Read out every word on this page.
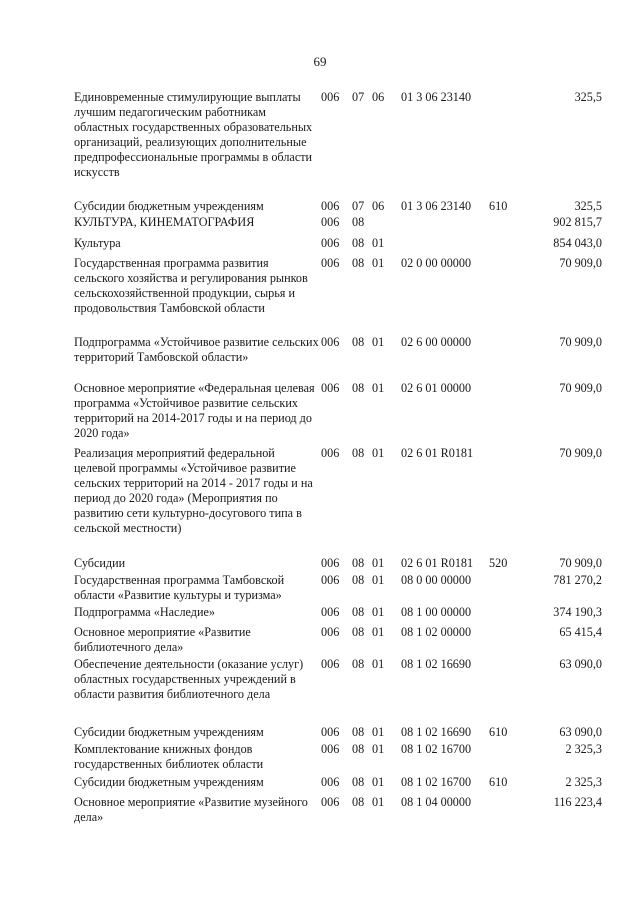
69
Единовременные стимулирующие выплаты лучшим педагогическим работникам областных государственных образовательных организаций, реализующих дополнительные предпрофессиональные программы в области искусств
006 07 06 01 3 06 23140	325,5
Субсидии бюджетным учреждениям	006 07 06 01 3 06 23140 610	325,5
КУЛЬТУРА, КИНЕМАТОГРАФИЯ	006 08	902 815,7
Культура	006 08 01	854 043,0
Государственная программа развития сельского хозяйства и регулирования рынков сельскохозяйственной продукции, сырья и продовольствия Тамбовской области
006 08 01 02 0 00 00000	70 909,0
Подпрограмма «Устойчивое развитие сельских территорий Тамбовской области»
006 08 01 02 6 00 00000	70 909,0
Основное мероприятие «Федеральная целевая программа «Устойчивое развитие сельских территорий на 2014-2017 годы и на период до 2020 года»
006 08 01 02 6 01 00000	70 909,0
Реализация мероприятий федеральной целевой программы «Устойчивое развитие сельских территорий на 2014 - 2017 годы и на период до 2020 года» (Мероприятия по развитию сети культурно-досугового типа в сельской местности)
006 08 01 02 6 01 R0181	70 909,0
Субсидии	006 08 01 02 6 01 R0181 520	70 909,0
Государственная программа Тамбовской области «Развитие культуры и туризма»
006 08 01 08 0 00 00000	781 270,2
Подпрограмма «Наследие»	006 08 01 08 1 00 00000	374 190,3
Основное мероприятие «Развитие библиотечного дела»
006 08 01 08 1 02 00000	65 415,4
Обеспечение деятельности (оказание услуг) областных государственных учреждений в области развития библиотечного дела
006 08 01 08 1 02 16690	63 090,0
Субсидии бюджетным учреждениям	006 08 01 08 1 02 16690 610	63 090,0
Комплектование книжных фондов государственных библиотек области
006 08 01 08 1 02 16700	2 325,3
Субсидии бюджетным учреждениям	006 08 01 08 1 02 16700 610	2 325,3
Основное мероприятие «Развитие музейного дела»
006 08 01 08 1 04 00000	116 223,4
